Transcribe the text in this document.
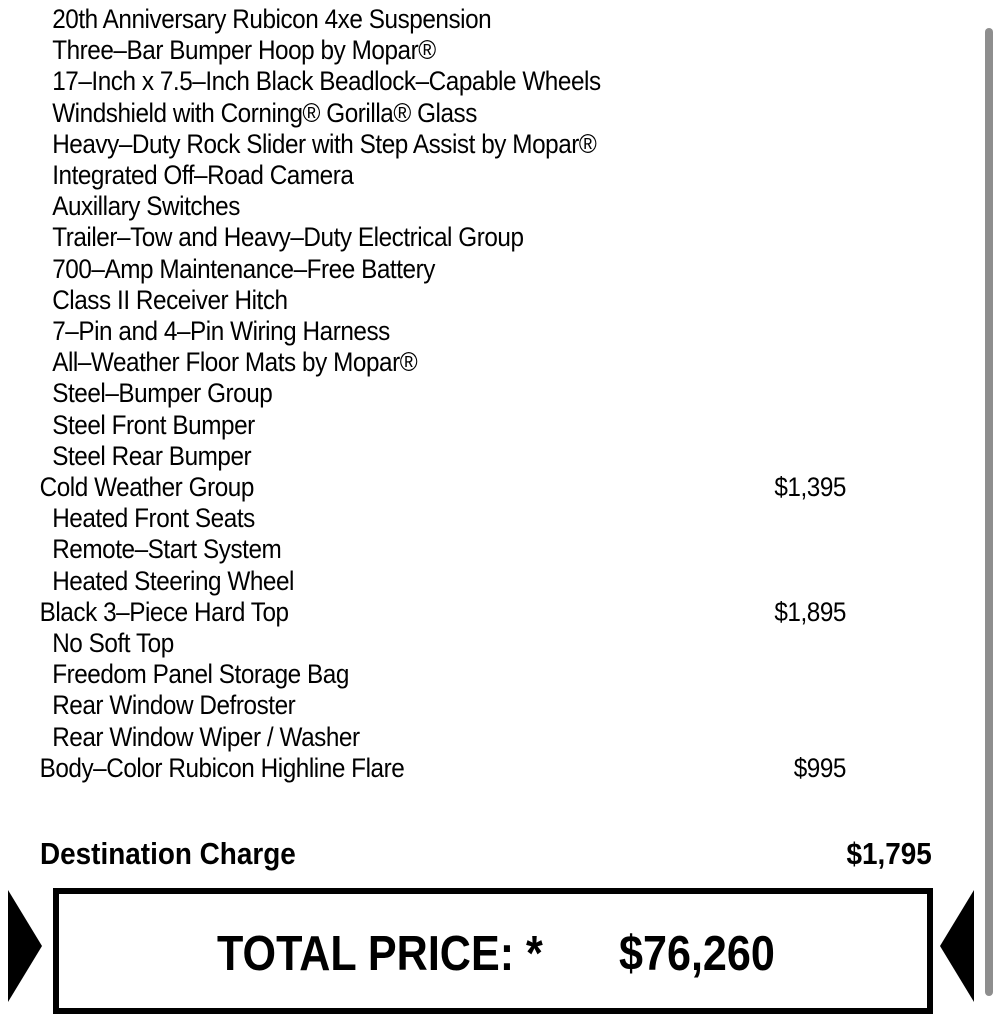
20th Anniversary Rubicon 4xe Suspension
Three–Bar Bumper Hoop by Mopar®
17–Inch x 7.5–Inch Black Beadlock–Capable Wheels
Windshield with Corning® Gorilla® Glass
Heavy–Duty Rock Slider with Step Assist by Mopar®
Integrated Off–Road Camera
Auxillary Switches
Trailer–Tow and Heavy–Duty Electrical Group
700–Amp Maintenance–Free Battery
Class II Receiver Hitch
7–Pin and 4–Pin Wiring Harness
All–Weather Floor Mats by Mopar®
Steel–Bumper Group
Steel Front Bumper
Steel Rear Bumper
Cold Weather Group	$1,395
Heated Front Seats
Remote–Start System
Heated Steering Wheel
Black 3–Piece Hard Top	$1,895
No Soft Top
Freedom Panel Storage Bag
Rear Window Defroster
Rear Window Wiper / Washer
Body–Color Rubicon Highline Flare	$995
Destination Charge	$1,795
TOTAL PRICE: * $76,260
